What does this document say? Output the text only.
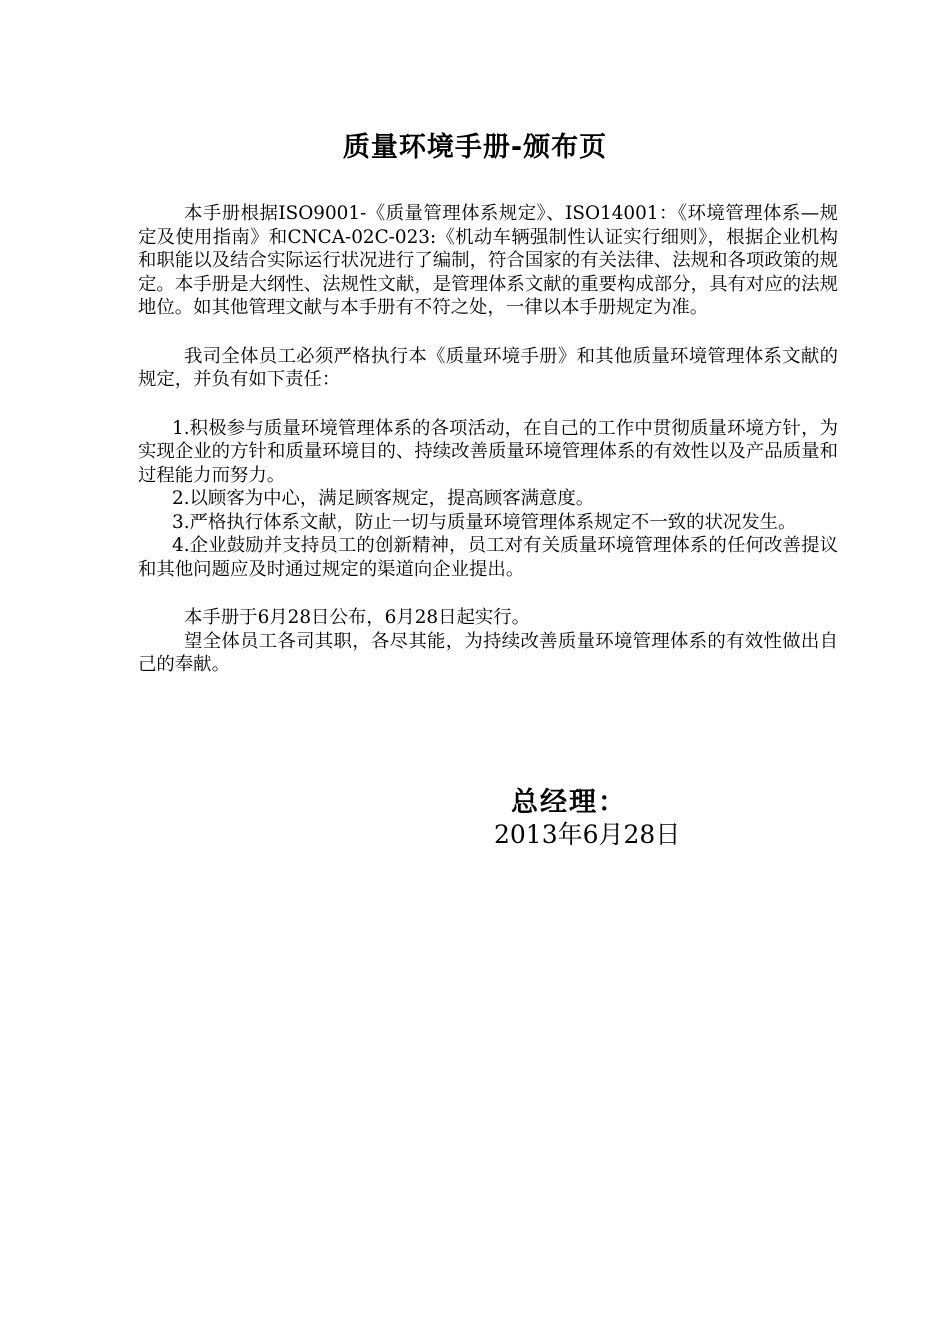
质量环境手册-颁布页

本手册根据ISO9001-《质量管理体系规定》、ISO14001：《环境管理体系—规定及使用指南》和CNCA-02C-023:《机动车辆强制性认证实行细则》，根据企业机构和职能以及结合实际运行状况进行了编制，符合国家的有关法律、法规和各项政策的规定。本手册是大纲性、法规性文献，是管理体系文献的重要构成部分，具有对应的法规地位。如其他管理文献与本手册有不符之处，一律以本手册规定为准。

我司全体员工必须严格执行本《质量环境手册》和其他质量环境管理体系文献的规定，并负有如下责任：

1.积极参与质量环境管理体系的各项活动，在自己的工作中贯彻质量环境方针，为实现企业的方针和质量环境目的、持续改善质量环境管理体系的有效性以及产品质量和过程能力而努力。

2.以顾客为中心，满足顾客规定，提高顾客满意度。

3.严格执行体系文献，防止一切与质量环境管理体系规定不一致的状况发生。

4.企业鼓励并支持员工的创新精神，员工对有关质量环境管理体系的任何改善提议和其他问题应及时通过规定的渠道向企业提出。

本手册于6月28日公布，6月28日起实行。

望全体员工各司其职，各尽其能，为持续改善质量环境管理体系的有效性做出自己的奉献。

总经理：
2013年6月28日
